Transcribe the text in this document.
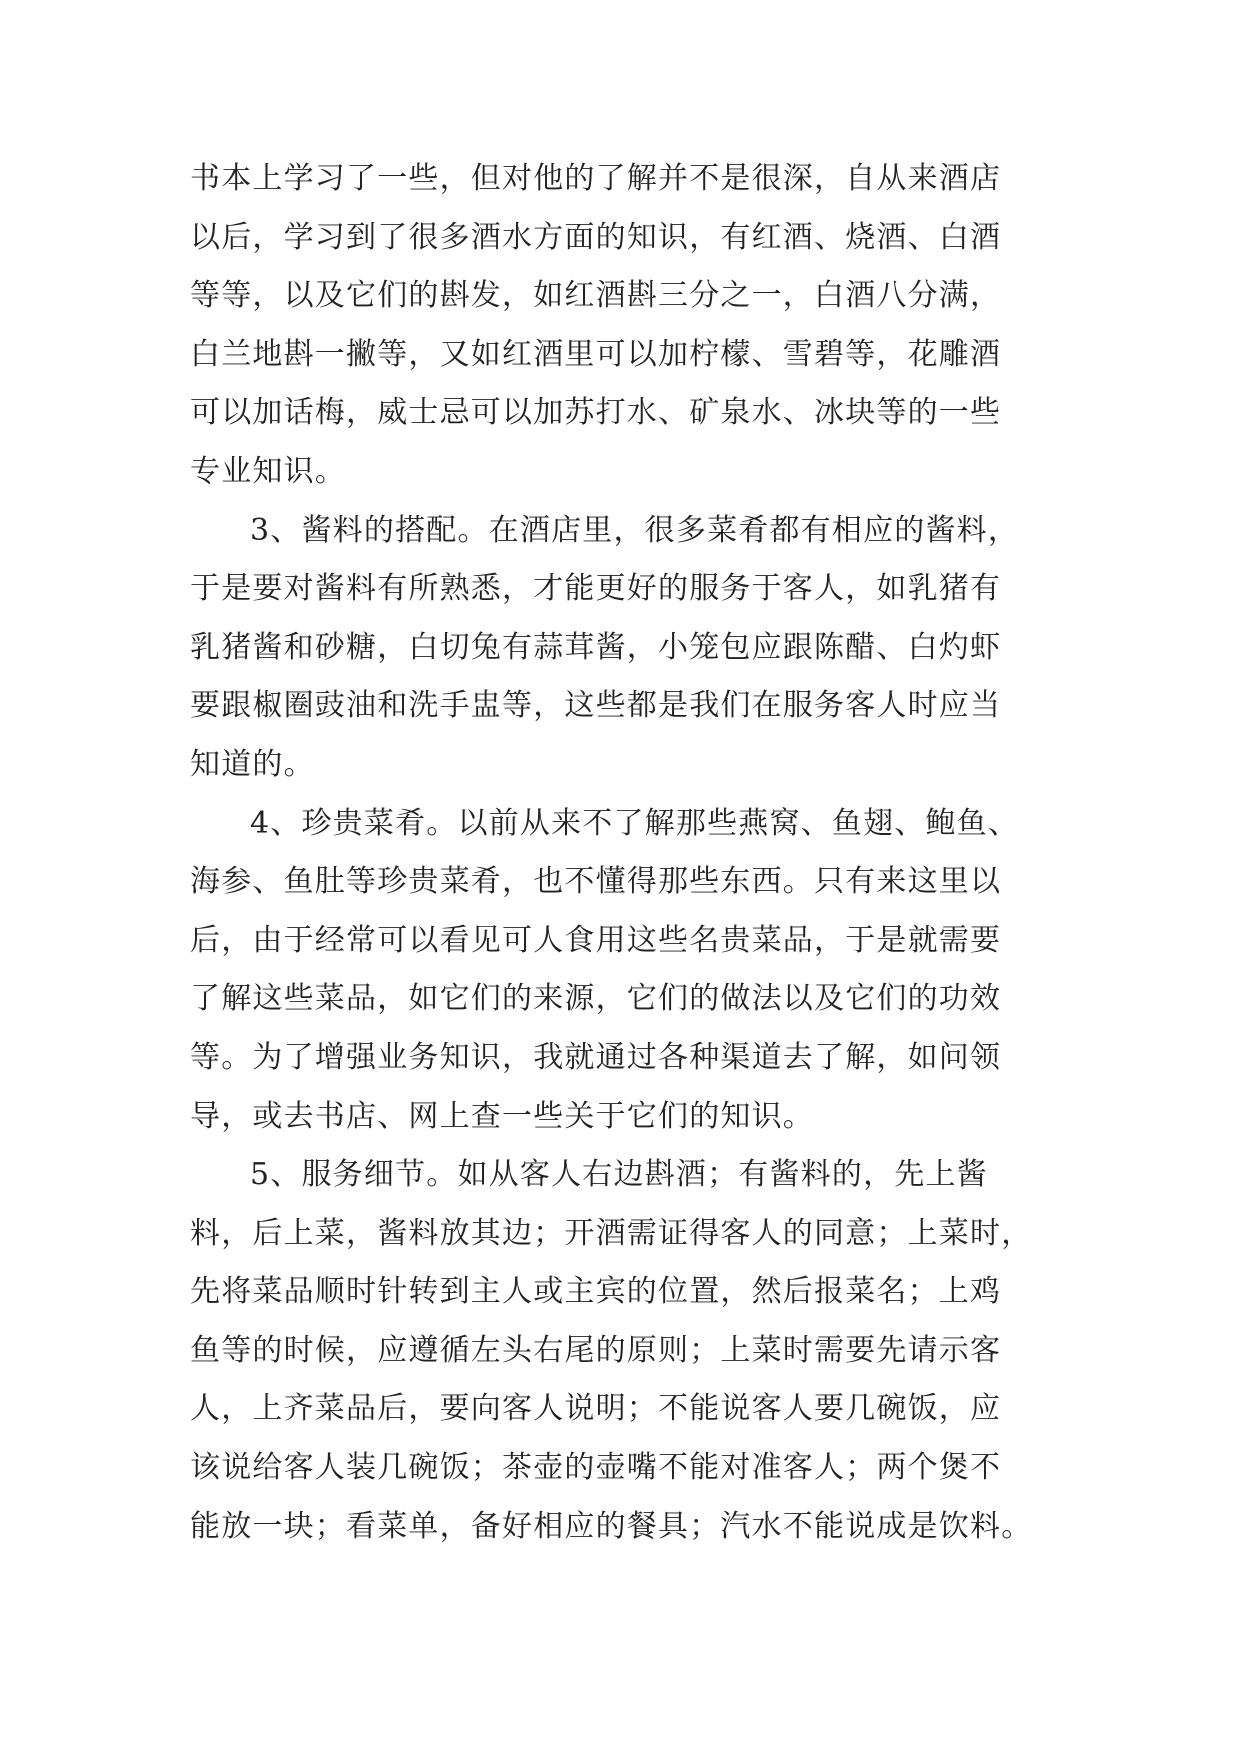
书本上学习了一些，但对他的了解并不是很深，自从来酒店
以后，学习到了很多酒水方面的知识，有红酒、烧酒、白酒
等等，以及它们的斟发，如红酒斟三分之一，白酒八分满，
白兰地斟一撇等，又如红酒里可以加柠檬、雪碧等，花雕酒
可以加话梅，威士忌可以加苏打水、矿泉水、冰块等的一些
专业知识。
3、酱料的搭配。在酒店里，很多菜肴都有相应的酱料，
于是要对酱料有所熟悉，才能更好的服务于客人，如乳猪有
乳猪酱和砂糖，白切兔有蒜茸酱，小笼包应跟陈醋、白灼虾
要跟椒圈豉油和洗手盅等，这些都是我们在服务客人时应当
知道的。
4、珍贵菜肴。以前从来不了解那些燕窝、鱼翅、鲍鱼、
海参、鱼肚等珍贵菜肴，也不懂得那些东西。只有来这里以
后，由于经常可以看见可人食用这些名贵菜品，于是就需要
了解这些菜品，如它们的来源，它们的做法以及它们的功效
等。为了增强业务知识，我就通过各种渠道去了解，如问领
导，或去书店、网上查一些关于它们的知识。
5、服务细节。如从客人右边斟酒；有酱料的，先上酱
料，后上菜，酱料放其边；开酒需证得客人的同意；上菜时，
先将菜品顺时针转到主人或主宾的位置，然后报菜名；上鸡
鱼等的时候，应遵循左头右尾的原则；上菜时需要先请示客
人，上齐菜品后，要向客人说明；不能说客人要几碗饭，应
该说给客人装几碗饭；茶壶的壶嘴不能对准客人；两个煲不
能放一块；看菜单，备好相应的餐具；汽水不能说成是饮料。
